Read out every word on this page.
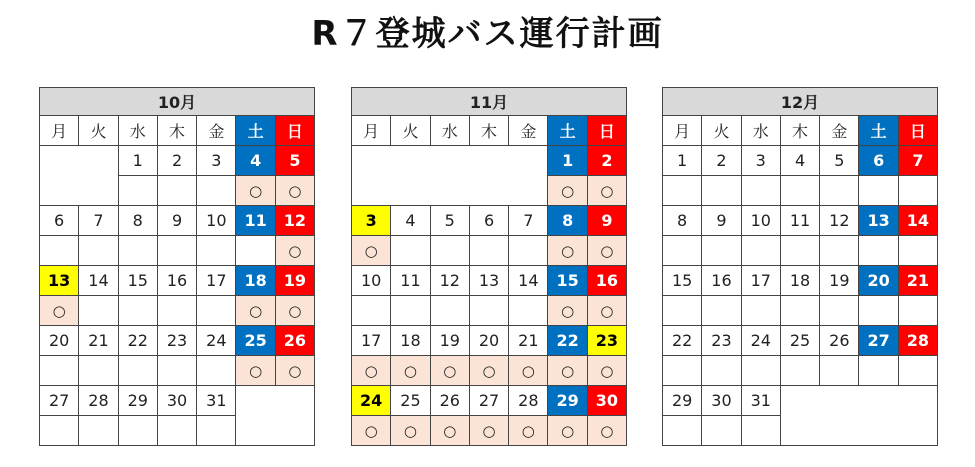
R７登城バス運行計画
10月						
月	火	水	木	金	土	日
		1	2	3	4	5
					○	○
6	7	8	9	10	11	12
						○
13	14	15	16	17	18	19
○					○	○
20	21	22	23	24	25	26
					○	○
27	28	29	30	31		

11月						
月	火	水	木	金	土	日
					1	2
					○	○
3	4	5	6	7	8	9
○					○	○
10	11	12	13	14	15	16
					○	○
17	18	19	20	21	22	23
○	○	○	○	○	○	○
24	25	26	27	28	29	30
○	○	○	○	○	○	○
12月						
月	火	水	木	金	土	日
1	2	3	4	5	6	7

8	9	10	11	12	13	14

15	16	17	18	19	20	21

22	23	24	25	26	27	28

29	30	31				
